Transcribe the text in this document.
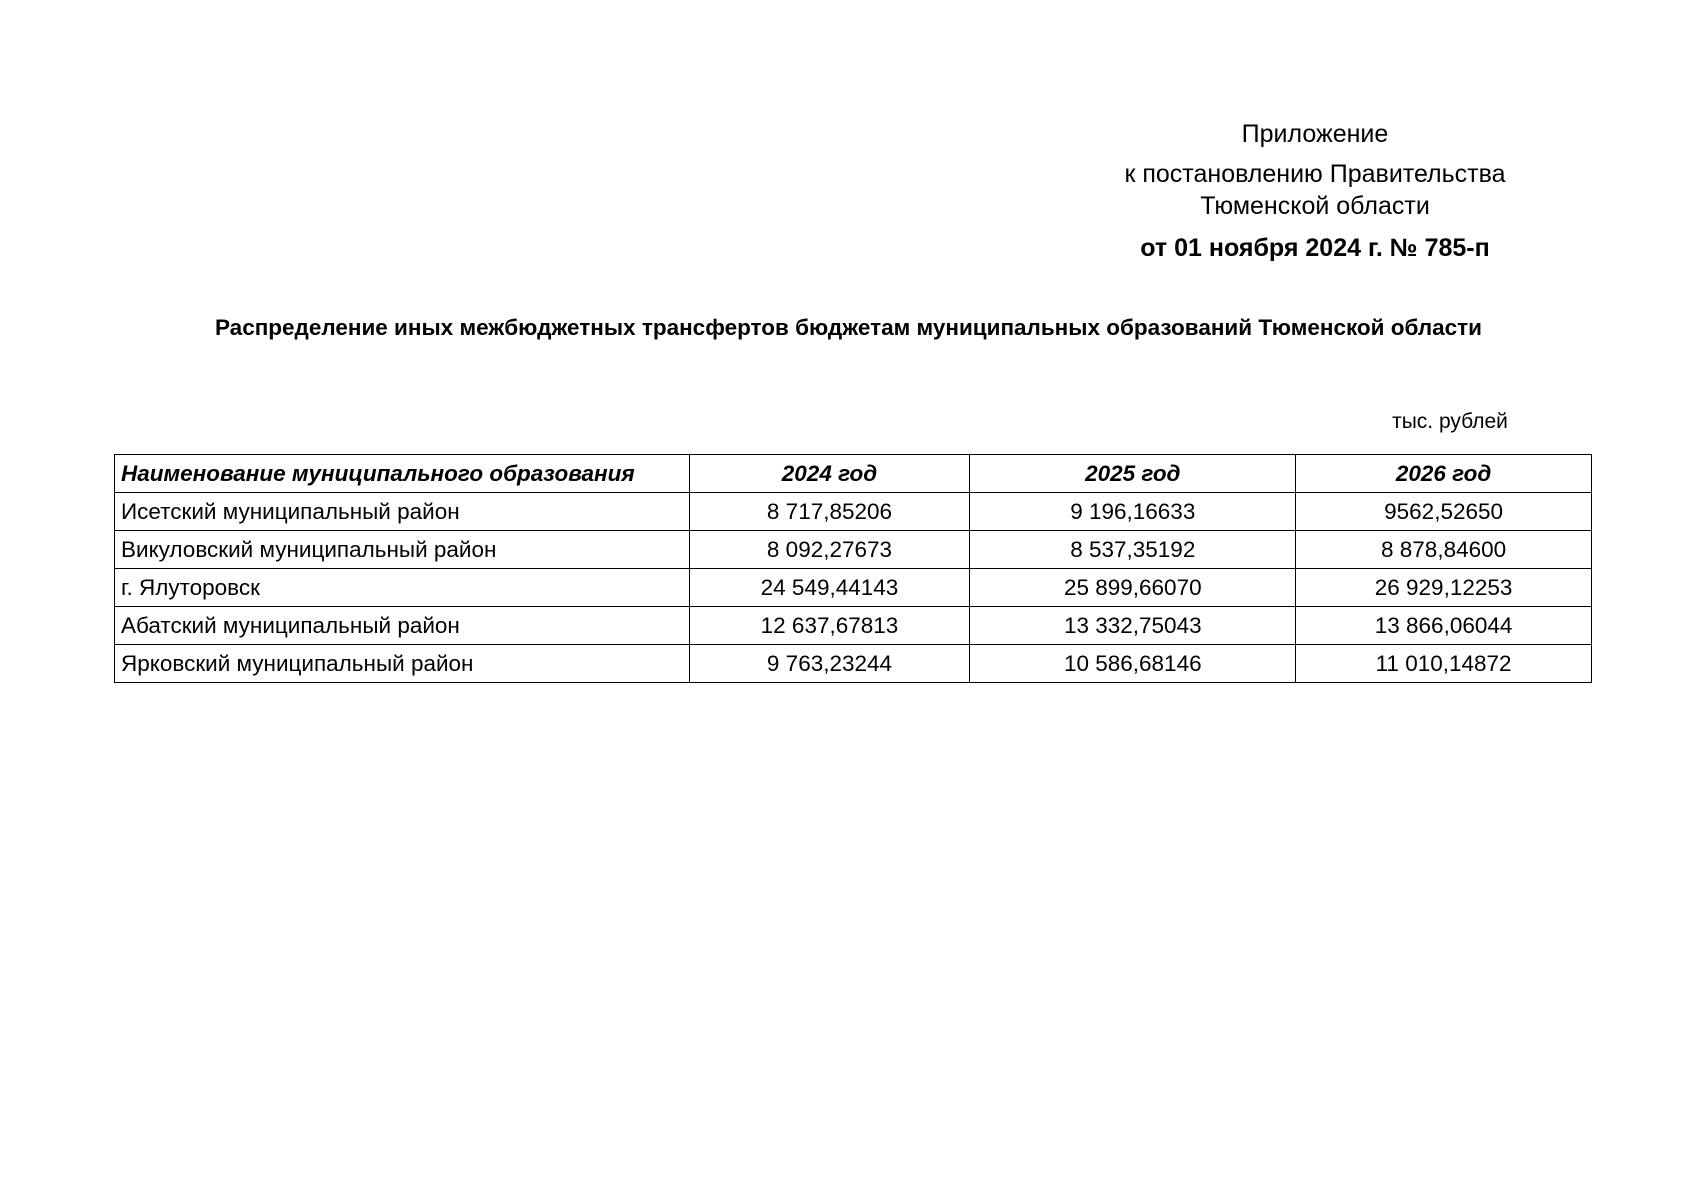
Приложение
к постановлению Правительства
Тюменской области
от 01 ноября 2024 г. № 785-п
Распределение иных межбюджетных трансфертов бюджетам муниципальных образований Тюменской области
тыс. рублей
Наименование муниципального образования	2024 год	2025 год	2026 год
Исетский муниципальный район	8 717,85206	9 196,16633	9562,52650
Викуловский муниципальный район	8 092,27673	8 537,35192	8 878,84600
г. Ялуторовск	24 549,44143	25 899,66070	26 929,12253
Абатский муниципальный район	12 637,67813	13 332,75043	13 866,06044
Ярковский муниципальный район	9 763,23244	10 586,68146	11 010,14872
